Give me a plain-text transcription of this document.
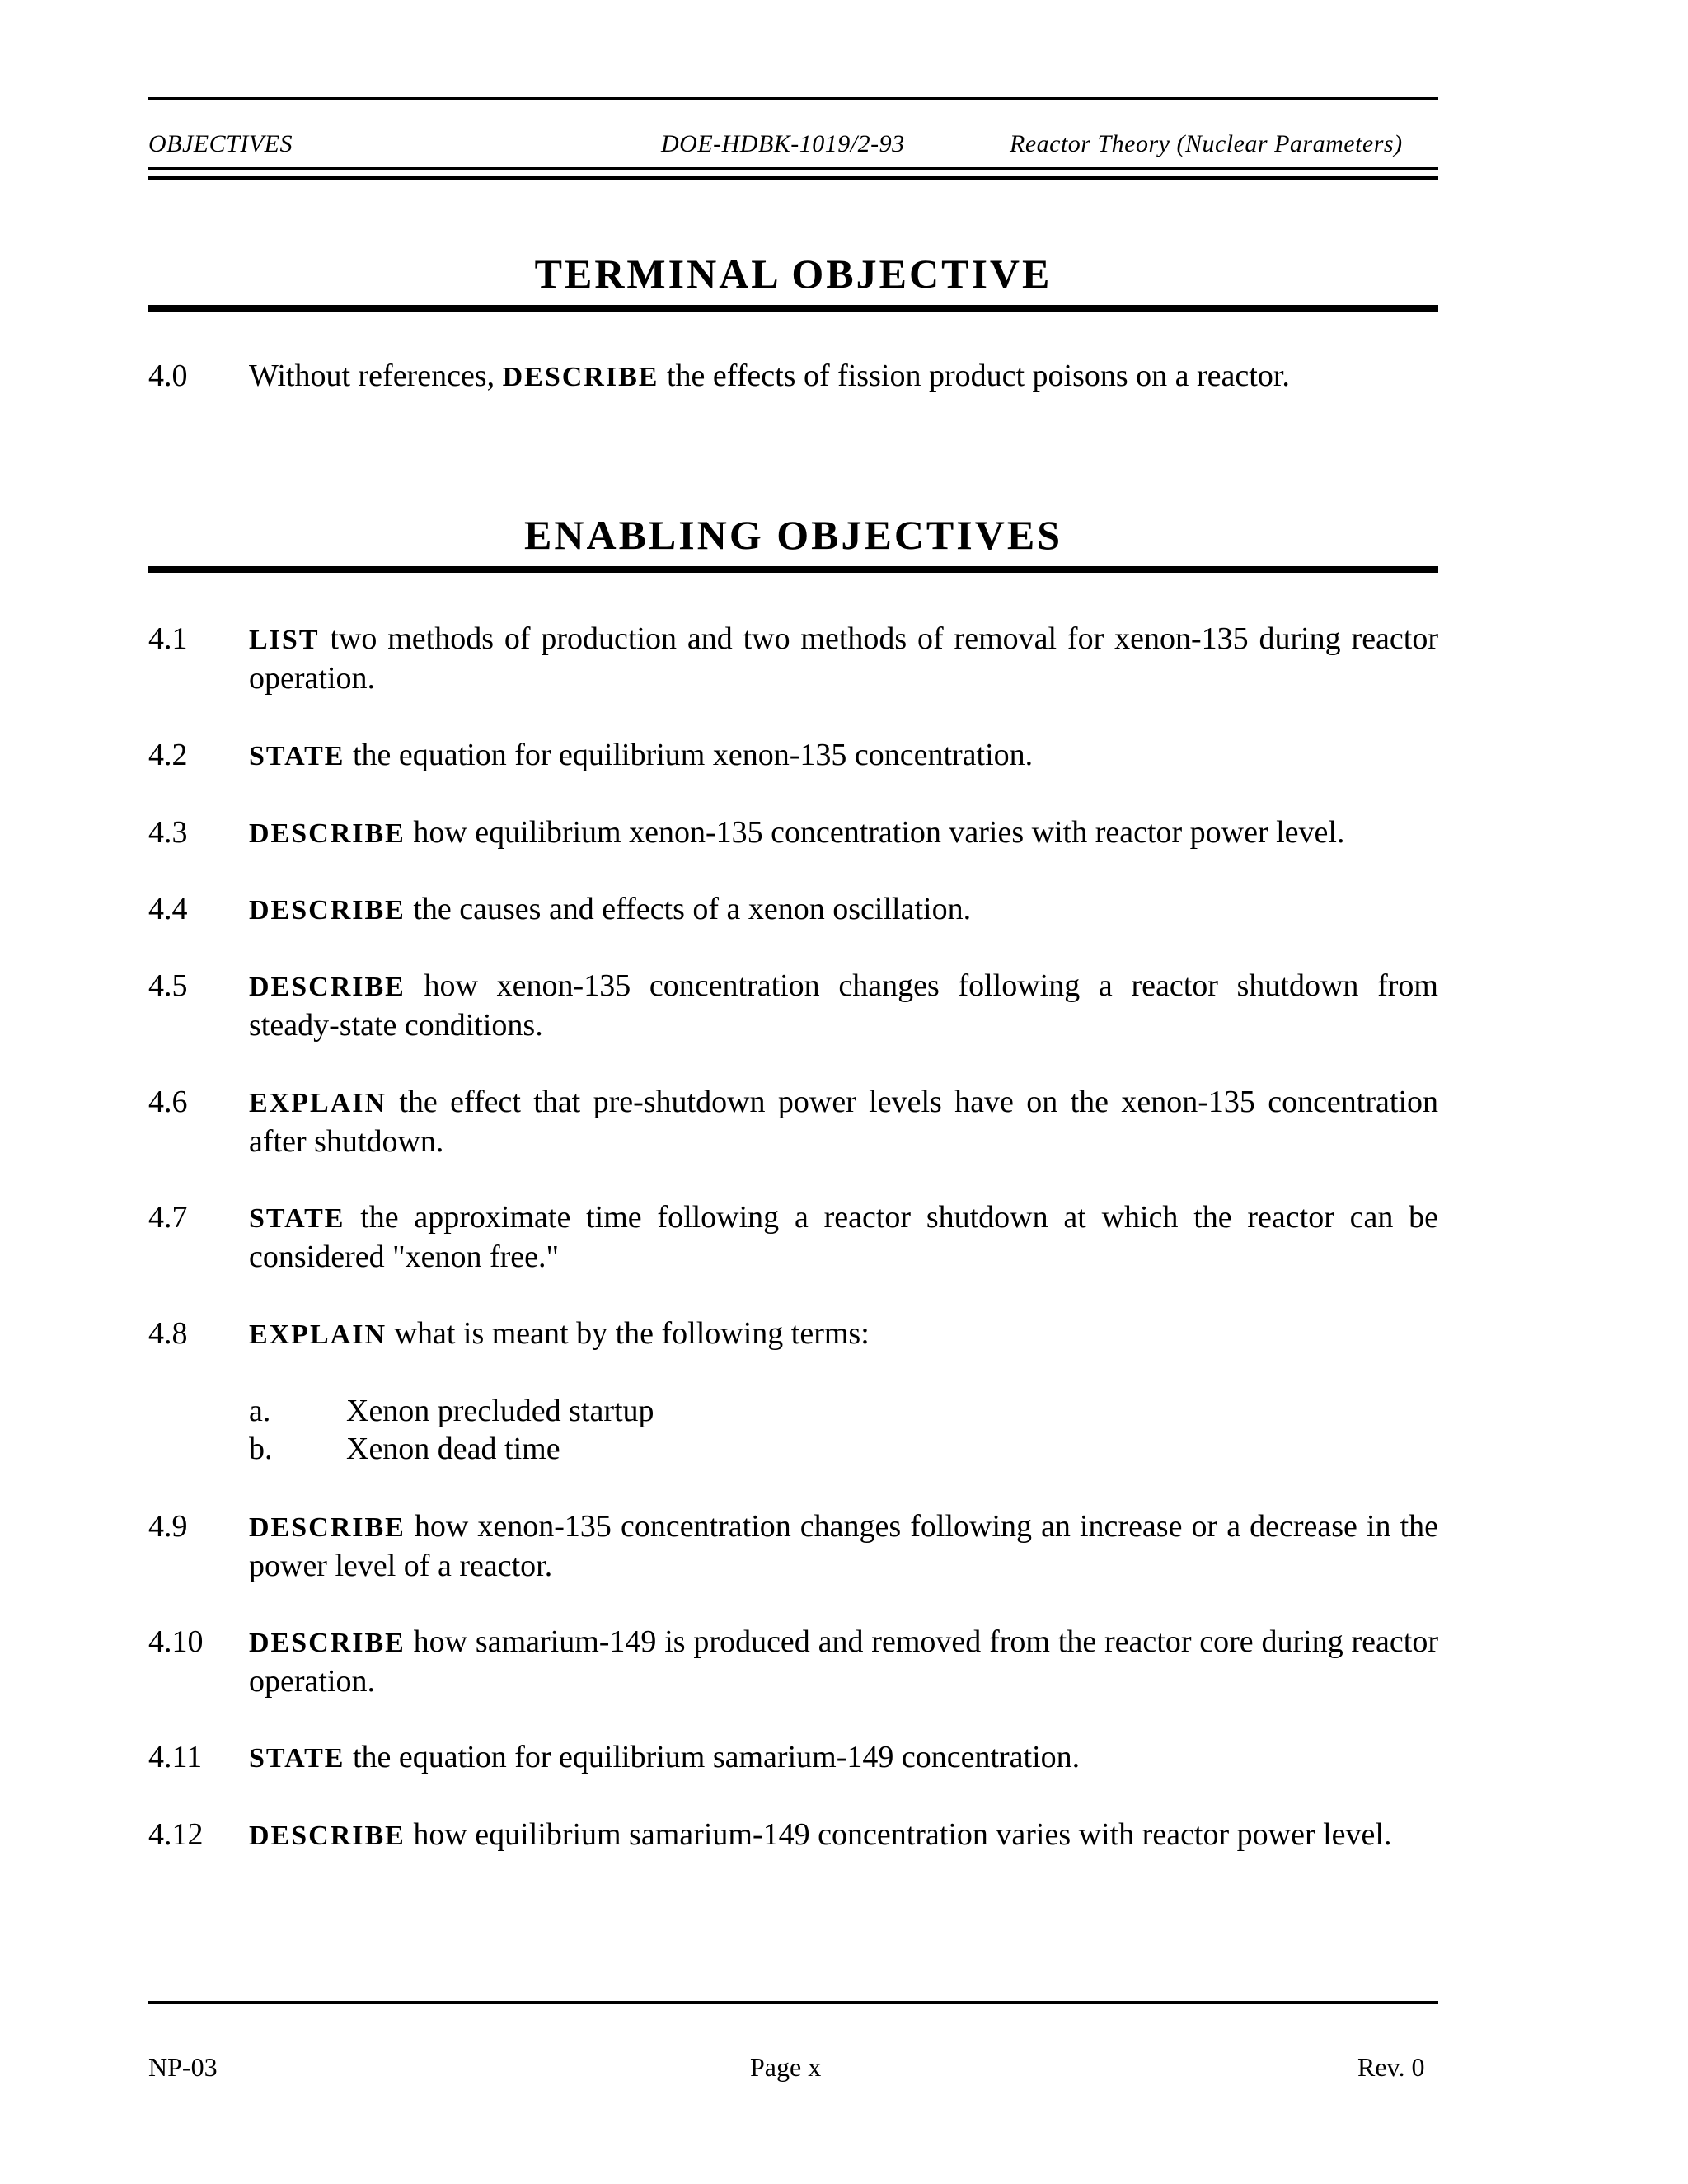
OBJECTIVES	DOE-HDBK-1019/2-93	Reactor Theory (Nuclear Parameters)
TERMINAL OBJECTIVE
4.0 Without references, DESCRIBE the effects of fission product poisons on a reactor.
ENABLING OBJECTIVES
4.1 LIST two methods of production and two methods of removal for xenon-135 during reactor operation.
4.2 STATE the equation for equilibrium xenon-135 concentration.
4.3 DESCRIBE how equilibrium xenon-135 concentration varies with reactor power level.
4.4 DESCRIBE the causes and effects of a xenon oscillation.
4.5 DESCRIBE how xenon-135 concentration changes following a reactor shutdown from steady-state conditions.
4.6 EXPLAIN the effect that pre-shutdown power levels have on the xenon-135 concentration after shutdown.
4.7 STATE the approximate time following a reactor shutdown at which the reactor can be considered "xenon free."
4.8 EXPLAIN what is meant by the following terms:
a. Xenon precluded startup
b. Xenon dead time
4.9 DESCRIBE how xenon-135 concentration changes following an increase or a decrease in the power level of a reactor.
4.10 DESCRIBE how samarium-149 is produced and removed from the reactor core during reactor operation.
4.11 STATE the equation for equilibrium samarium-149 concentration.
4.12 DESCRIBE how equilibrium samarium-149 concentration varies with reactor power level.
NP-03	Page x	Rev. 0
